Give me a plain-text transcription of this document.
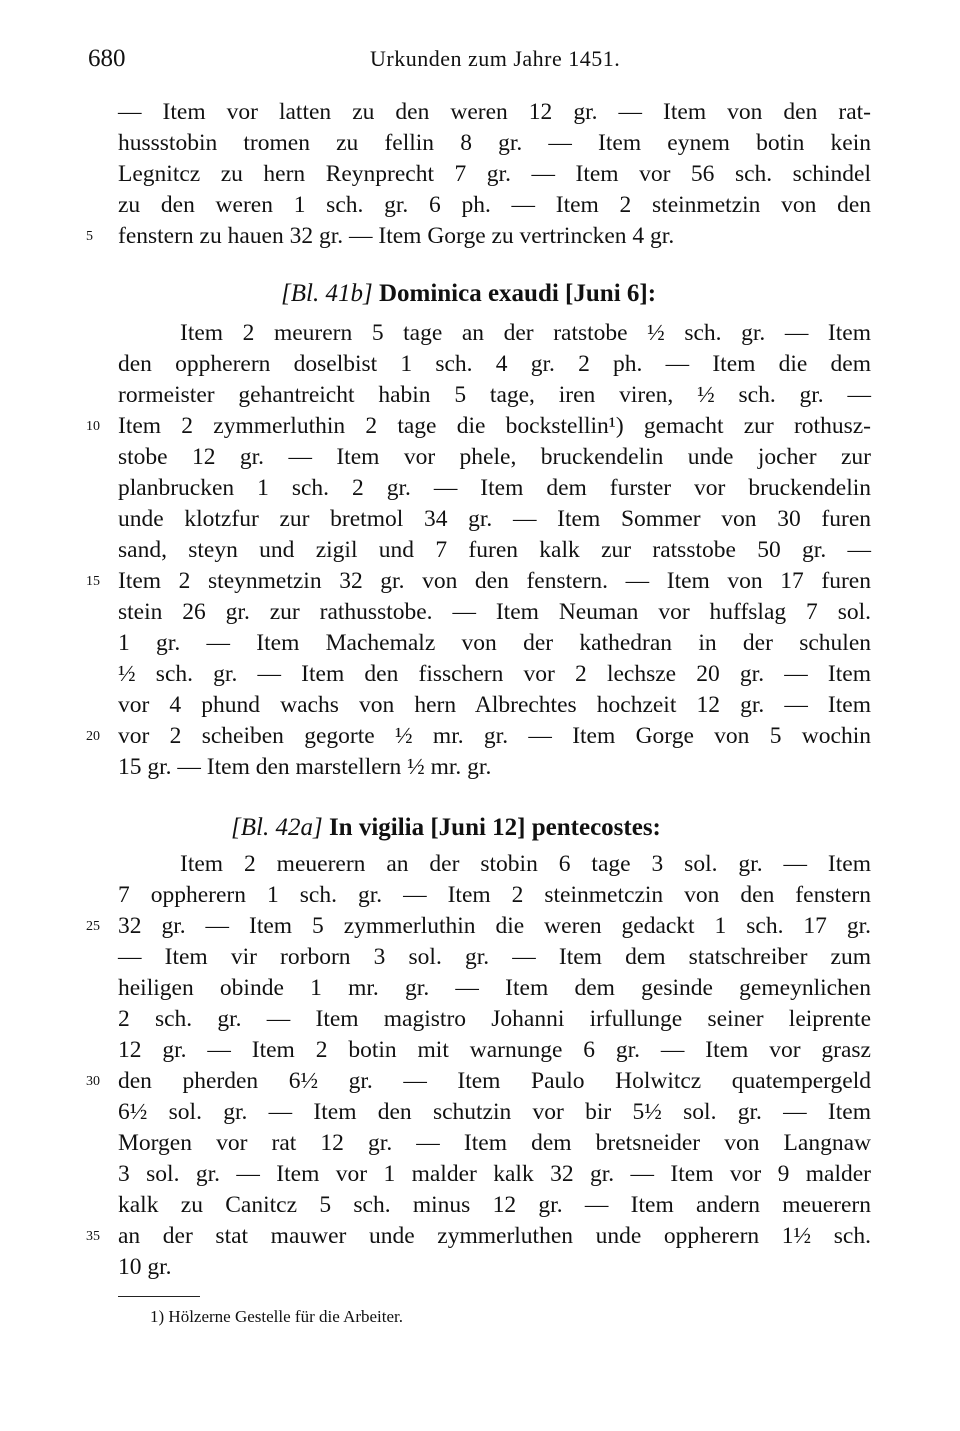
680	Urkunden zum Jahre 1451.
— Item vor latten zu den weren 12 gr. — Item von den rat-
hussstobin tromen zu fellin 8 gr. — Item eynem botin kein
Legnitcz zu hern Reynprecht 7 gr. — Item vor 56 sch. schindel
zu den weren 1 sch. gr. 6 ph. — Item 2 steinmetzin von den
5	fenstern zu hauen 32 gr. — Item Gorge zu vertrincken 4 gr.
[Bl. 41b] Dominica exaudi [Juni 6]:
Item 2 meurern 5 tage an der ratstobe ½ sch. gr. — Item
den oppherern doselbist 1 sch. 4 gr. 2 ph. — Item die dem
rormeister gehantreicht habin 5 tage, iren viren, ½ sch. gr. —
10 Item 2 zymmerluthin 2 tage die bockstellin¹) gemacht zur rothusz-
stobe 12 gr. — Item vor phele, bruckendelin unde jocher zur
planbrucken 1 sch. 2 gr. — Item dem furster vor bruckendelin
unde klotzfur zur bretmol 34 gr. — Item Sommer von 30 furen
sand, steyn und zigil und 7 furen kalk zur ratsstobe 50 gr. —
15 Item 2 steynmetzin 32 gr. von den fenstern. — Item von 17 furen
stein 26 gr. zur rathusstobe. — Item Neuman vor huffslag 7 sol.
1 gr. — Item Machemalz von der kathedran in der schulen
½ sch. gr. — Item den fisschern vor 2 lechsze 20 gr. — Item
vor 4 phund wachs von hern Albrechtes hochzeit 12 gr. — Item
20 vor 2 scheiben gegorte ½ mr. gr. — Item Gorge von 5 wochin
15 gr. — Item den marstellern ½ mr. gr.
[Bl. 42a] In vigilia [Juni 12] pentecostes:
Item 2 meuerern an der stobin 6 tage 3 sol. gr. — Item
7 oppherern 1 sch. gr. — Item 2 steinmetczin von den fenstern
25 32 gr. — Item 5 zymmerluthin die weren gedackt 1 sch. 17 gr.
— Item vir rorborn 3 sol. gr. — Item dem statschreiber zum
heiligen obinde 1 mr. gr. — Item dem gesinde gemeynlichen
2 sch. gr. — Item magistro Johanni irfullunge seiner leiprente
12 gr. — Item 2 botin mit warnunge 6 gr. — Item vor grasz
30 den pherden 6½ gr. — Item Paulo Holwitcz quatempergeld
6½ sol. gr. — Item den schutzin vor bir 5½ sol. gr. — Item
Morgen vor rat 12 gr. — Item dem bretsneider von Langnaw
3 sol. gr. — Item vor 1 malder kalk 32 gr. — Item vor 9 malder
kalk zu Canitcz 5 sch. minus 12 gr. — Item andern meuerern
35 an der stat mauwer unde zymmerluthen unde oppherern 1½ sch.
10 gr.
1) Hölzerne Gestelle für die Arbeiter.
